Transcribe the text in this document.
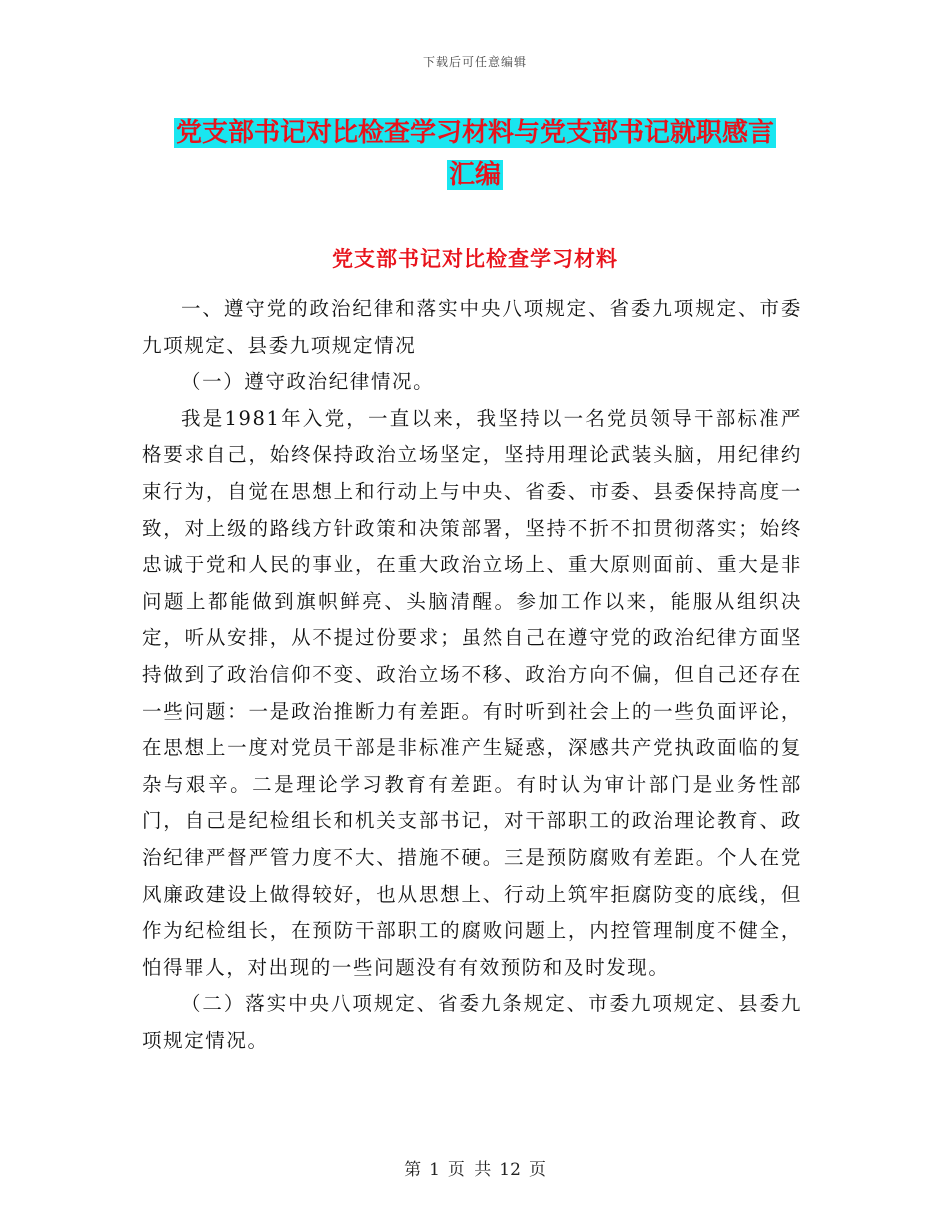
下载后可任意编辑
党支部书记对比检查学习材料与党支部书记就职感言
汇编
党支部书记对比检查学习材料

一、遵守党的政治纪律和落实中央八项规定、省委九项规定、市委九项规定、县委九项规定情况

（一）遵守政治纪律情况。

我是1981年入党，一直以来，我坚持以一名党员领导干部标准严格要求自己，始终保持政治立场坚定，坚持用理论武装头脑，用纪律约束行为，自觉在思想上和行动上与中央、省委、市委、县委保持高度一致，对上级的路线方针政策和决策部署，坚持不折不扣贯彻落实；始终忠诚于党和人民的事业，在重大政治立场上、重大原则面前、重大是非问题上都能做到旗帜鲜亮、头脑清醒。参加工作以来，能服从组织决定，听从安排，从不提过份要求；虽然自己在遵守党的政治纪律方面坚持做到了政治信仰不变、政治立场不移、政治方向不偏，但自己还存在一些问题：一是政治推断力有差距。有时听到社会上的一些负面评论，在思想上一度对党员干部是非标准产生疑惑，深感共产党执政面临的复杂与艰辛。二是理论学习教育有差距。有时认为审计部门是业务性部门，自己是纪检组长和机关支部书记，对干部职工的政治理论教育、政治纪律严督严管力度不大、措施不硬。三是预防腐败有差距。个人在党风廉政建设上做得较好，也从思想上、行动上筑牢拒腐防变的底线，但作为纪检组长，在预防干部职工的腐败问题上，内控管理制度不健全，怕得罪人，对出现的一些问题没有有效预防和及时发现。

（二）落实中央八项规定、省委九条规定、市委九项规定、县委九项规定情况。

第 1 页 共 12 页
